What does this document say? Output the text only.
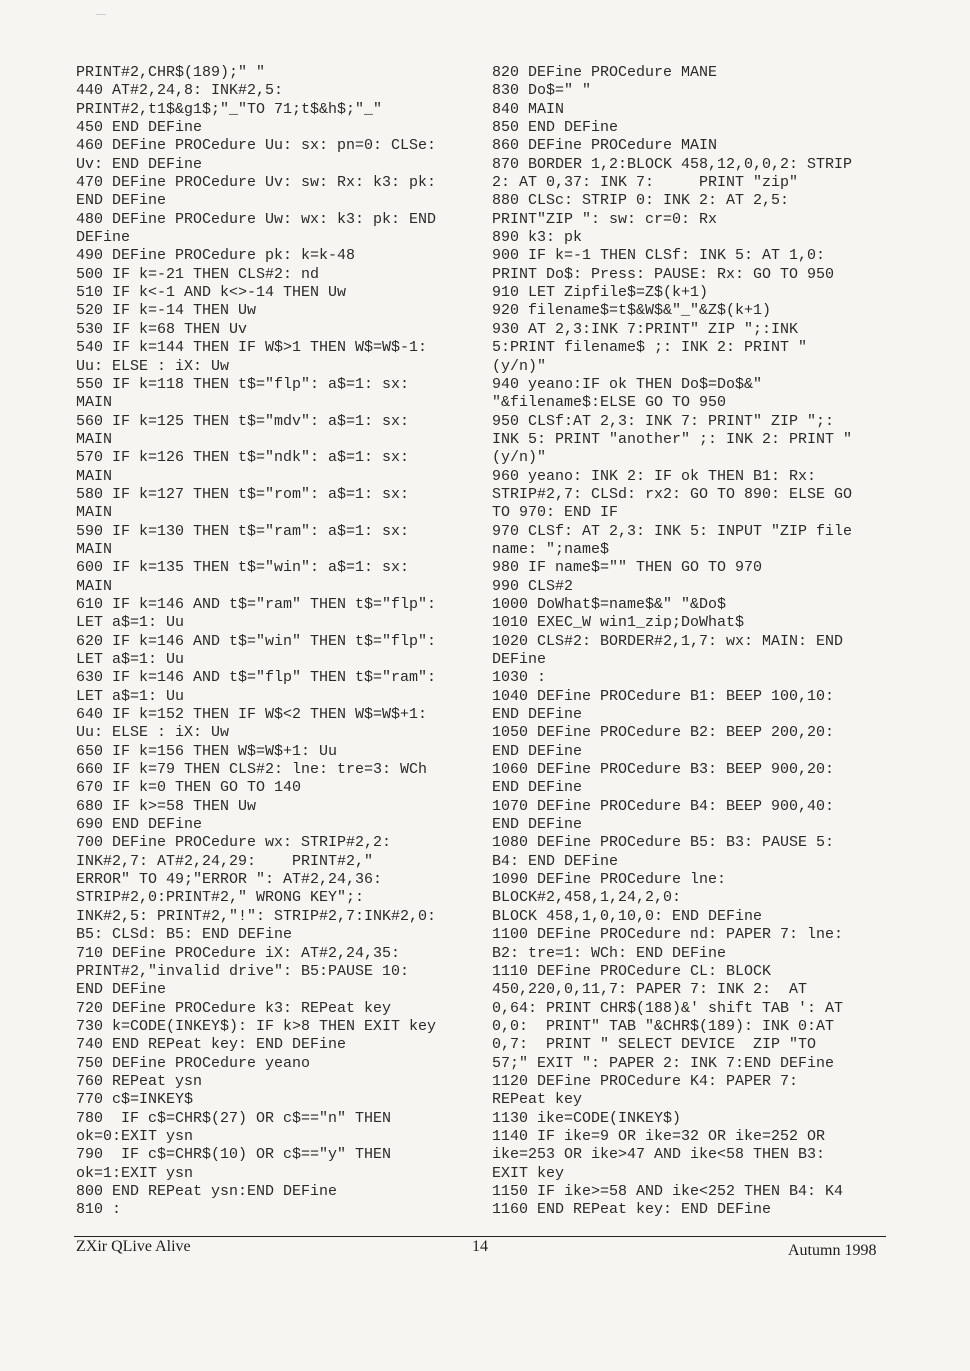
PRINT#2,CHR$(189);" "
440 AT#2,24,8: INK#2,5:
PRINT#2,t1$&g1$;"_"TO 71;t$&h$;"_"
450 END DEFine
460 DEFine PROCedure Uu: sx: pn=0: CLSe:
Uv: END DEFine
470 DEFine PROCedure Uv: sw: Rx: k3: pk:
END DEFine
480 DEFine PROCedure Uw: wx: k3: pk: END
DEFine
490 DEFine PROCedure pk: k=k-48
500 IF k=-21 THEN CLS#2: nd
510 IF k<-1 AND k<>-14 THEN Uw
520 IF k=-14 THEN Uw
530 IF k=68 THEN Uv
540 IF k=144 THEN IF W$>1 THEN W$=W$-1:
Uu: ELSE : iX: Uw
550 IF k=118 THEN t$="flp": a$=1: sx:
MAIN
560 IF k=125 THEN t$="mdv": a$=1: sx:
MAIN
570 IF k=126 THEN t$="ndk": a$=1: sx:
MAIN
580 IF k=127 THEN t$="rom": a$=1: sx:
MAIN
590 IF k=130 THEN t$="ram": a$=1: sx:
MAIN
600 IF k=135 THEN t$="win": a$=1: sx:
MAIN
610 IF k=146 AND t$="ram" THEN t$="flp":
LET a$=1: Uu
620 IF k=146 AND t$="win" THEN t$="flp":
LET a$=1: Uu
630 IF k=146 AND t$="flp" THEN t$="ram":
LET a$=1: Uu
640 IF k=152 THEN IF W$<2 THEN W$=W$+1:
Uu: ELSE : iX: Uw
650 IF k=156 THEN W$=W$+1: Uu
660 IF k=79 THEN CLS#2: lne: tre=3: WCh
670 IF k=0 THEN GO TO 140
680 IF k>=58 THEN Uw
690 END DEFine
700 DEFine PROCedure wx: STRIP#2,2:
INK#2,7: AT#2,24,29:    PRINT#2,"
ERROR" TO 49;"ERROR ": AT#2,24,36:
STRIP#2,0:PRINT#2," WRONG KEY";:
INK#2,5: PRINT#2,"!": STRIP#2,7:INK#2,0:
B5: CLSd: B5: END DEFine
710 DEFine PROCedure iX: AT#2,24,35:
PRINT#2,"invalid drive": B5:PAUSE 10:
END DEFine
720 DEFine PROCedure k3: REPeat key
730 k=CODE(INKEY$): IF k>8 THEN EXIT key
740 END REPeat key: END DEFine
750 DEFine PROCedure yeano
760 REPeat ysn
770 c$=INKEY$
780  IF c$=CHR$(27) OR c$=="n" THEN
ok=0:EXIT ysn
790  IF c$=CHR$(10) OR c$=="y" THEN
ok=1:EXIT ysn
800 END REPeat ysn:END DEFine
810 :
820 DEFine PROCedure MANE
830 Do$=" "
840 MAIN
850 END DEFine
860 DEFine PROCedure MAIN
870 BORDER 1,2:BLOCK 458,12,0,0,2: STRIP
2: AT 0,37: INK 7:     PRINT "zip"
880 CLSc: STRIP 0: INK 2: AT 2,5:
PRINT"ZIP ": sw: cr=0: Rx
890 k3: pk
900 IF k=-1 THEN CLSf: INK 5: AT 1,0:
PRINT Do$: Press: PAUSE: Rx: GO TO 950
910 LET Zipfile$=Z$(k+1)
920 filename$=t$&W$&"_"&Z$(k+1)
930 AT 2,3:INK 7:PRINT" ZIP ";:INK
5:PRINT filename$ ;: INK 2: PRINT "
(y/n)"
940 yeano:IF ok THEN Do$=Do$&"
"&filename$:ELSE GO TO 950
950 CLSf:AT 2,3: INK 7: PRINT" ZIP ";:
INK 5: PRINT "another" ;: INK 2: PRINT "
(y/n)"
960 yeano: INK 2: IF ok THEN B1: Rx:
STRIP#2,7: CLSd: rx2: GO TO 890: ELSE GO
TO 970: END IF
970 CLSf: AT 2,3: INK 5: INPUT "ZIP file
name: ";name$
980 IF name$="" THEN GO TO 970
990 CLS#2
1000 DoWhat$=name$&" "&Do$
1010 EXEC_W win1_zip;DoWhat$
1020 CLS#2: BORDER#2,1,7: wx: MAIN: END
DEFine
1030 :
1040 DEFine PROCedure B1: BEEP 100,10:
END DEFine
1050 DEFine PROCedure B2: BEEP 200,20:
END DEFine
1060 DEFine PROCedure B3: BEEP 900,20:
END DEFine
1070 DEFine PROCedure B4: BEEP 900,40:
END DEFine
1080 DEFine PROCedure B5: B3: PAUSE 5:
B4: END DEFine
1090 DEFine PROCedure lne:
BLOCK#2,458,1,24,2,0:
BLOCK 458,1,0,10,0: END DEFine
1100 DEFine PROCedure nd: PAPER 7: lne:
B2: tre=1: WCh: END DEFine
1110 DEFine PROCedure CL: BLOCK
450,220,0,11,7: PAPER 7: INK 2:  AT
0,64: PRINT CHR$(188)&' shift TAB ': AT
0,0:  PRINT" TAB "&CHR$(189): INK 0:AT
0,7:  PRINT " SELECT DEVICE  ZIP "TO
57;" EXIT ": PAPER 2: INK 7:END DEFine
1120 DEFine PROCedure K4: PAPER 7:
REPeat key
1130 ike=CODE(INKEY$)
1140 IF ike=9 OR ike=32 OR ike=252 OR
ike=253 OR ike>47 AND ike<58 THEN B3:
EXIT key
1150 IF ike>=58 AND ike<252 THEN B4: K4
1160 END REPeat key: END DEFine
ZXir QLive Alive	14	Autumn 1998
